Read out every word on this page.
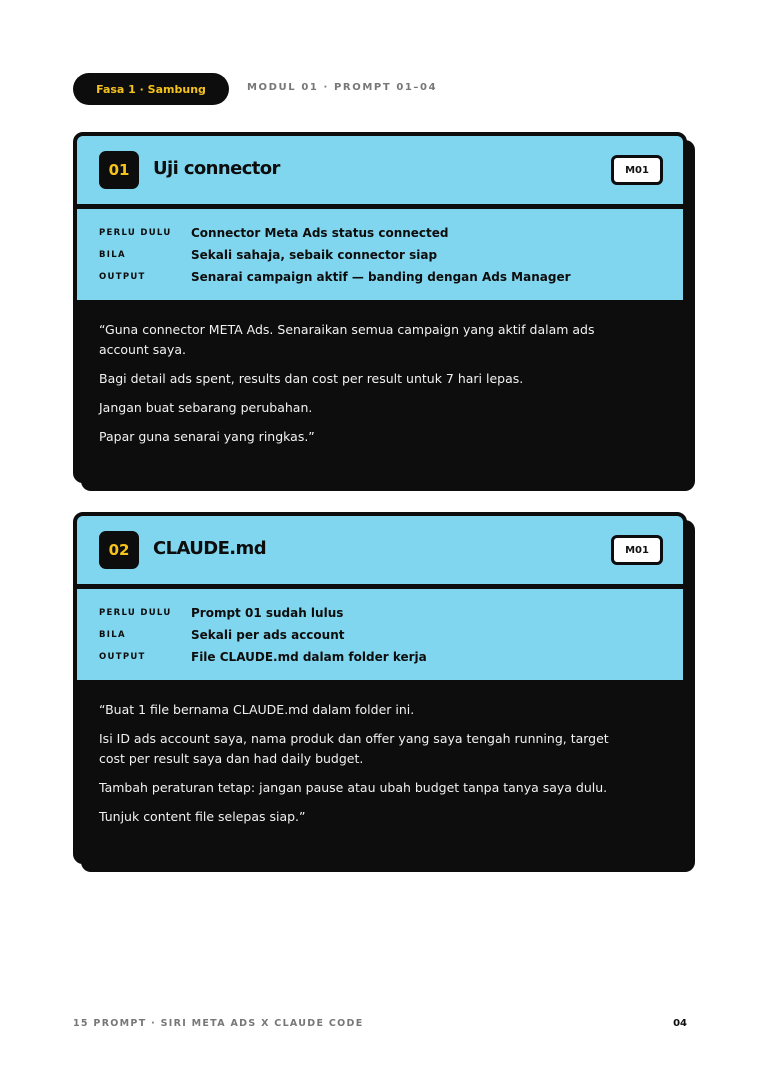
Fasa 1 · Sambung	MODUL 01 · PROMPT 01–04
01	Uji connector	M01
PERLU DULU	Connector Meta Ads status connected
BILA	Sekali sahaja, sebaik connector siap
OUTPUT	Senarai campaign aktif — banding dengan Ads Manager

“Guna connector META Ads. Senaraikan semua campaign yang aktif dalam ads account saya.

Bagi detail ads spent, results dan cost per result untuk 7 hari lepas.

Jangan buat sebarang perubahan.

Papar guna senarai yang ringkas.”

02	CLAUDE.md	M01
PERLU DULU	Prompt 01 sudah lulus
BILA	Sekali per ads account
OUTPUT	File CLAUDE.md dalam folder kerja

“Buat 1 file bernama CLAUDE.md dalam folder ini.

Isi ID ads account saya, nama produk dan offer yang saya tengah running, target cost per result saya dan had daily budget.

Tambah peraturan tetap: jangan pause atau ubah budget tanpa tanya saya dulu.

Tunjuk content file selepas siap.”

15 PROMPT · SIRI META ADS X CLAUDE CODE	04
